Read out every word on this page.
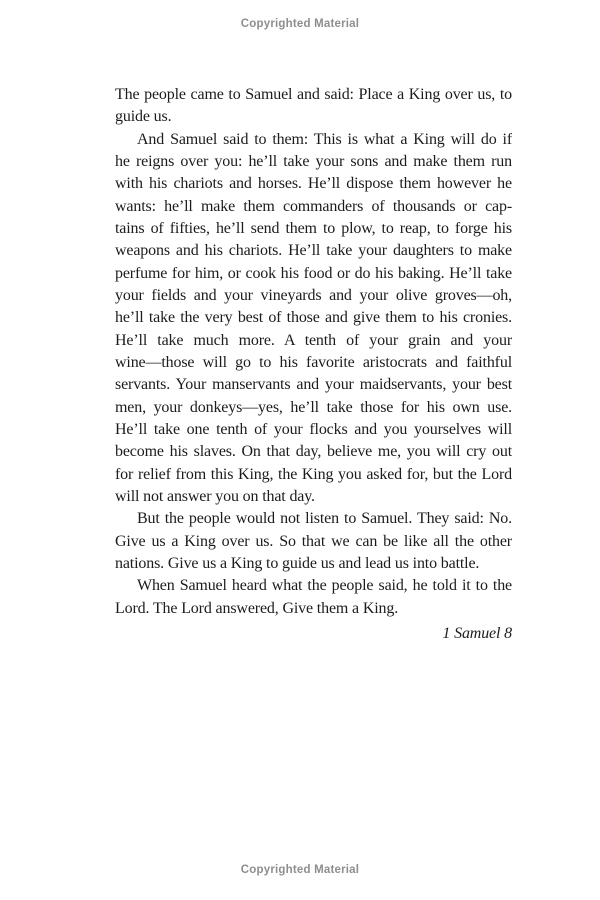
Copyrighted Material
The people came to Samuel and said: Place a King over us, to
guide us.
And Samuel said to them: This is what a King will do if
he reigns over you: he’ll take your sons and make them run
with his chariots and horses. He’ll dispose them however he
wants: he’ll make them commanders of thousands or cap-
tains of fifties, he’ll send them to plow, to reap, to forge his
weapons and his chariots. He’ll take your daughters to make
perfume for him, or cook his food or do his baking. He’ll take
your fields and your vineyards and your olive groves—oh,
he’ll take the very best of those and give them to his cronies.
He’ll take much more. A tenth of your grain and your
wine—those will go to his favorite aristocrats and faithful
servants. Your manservants and your maidservants, your best
men, your donkeys—yes, he’ll take those for his own use.
He’ll take one tenth of your flocks and you yourselves will
become his slaves. On that day, believe me, you will cry out
for relief from this King, the King you asked for, but the Lord
will not answer you on that day.
But the people would not listen to Samuel. They said: No.
Give us a King over us. So that we can be like all the other
nations. Give us a King to guide us and lead us into battle.
When Samuel heard what the people said, he told it to the
Lord. The Lord answered, Give them a King.
1 Samuel 8
Copyrighted Material
